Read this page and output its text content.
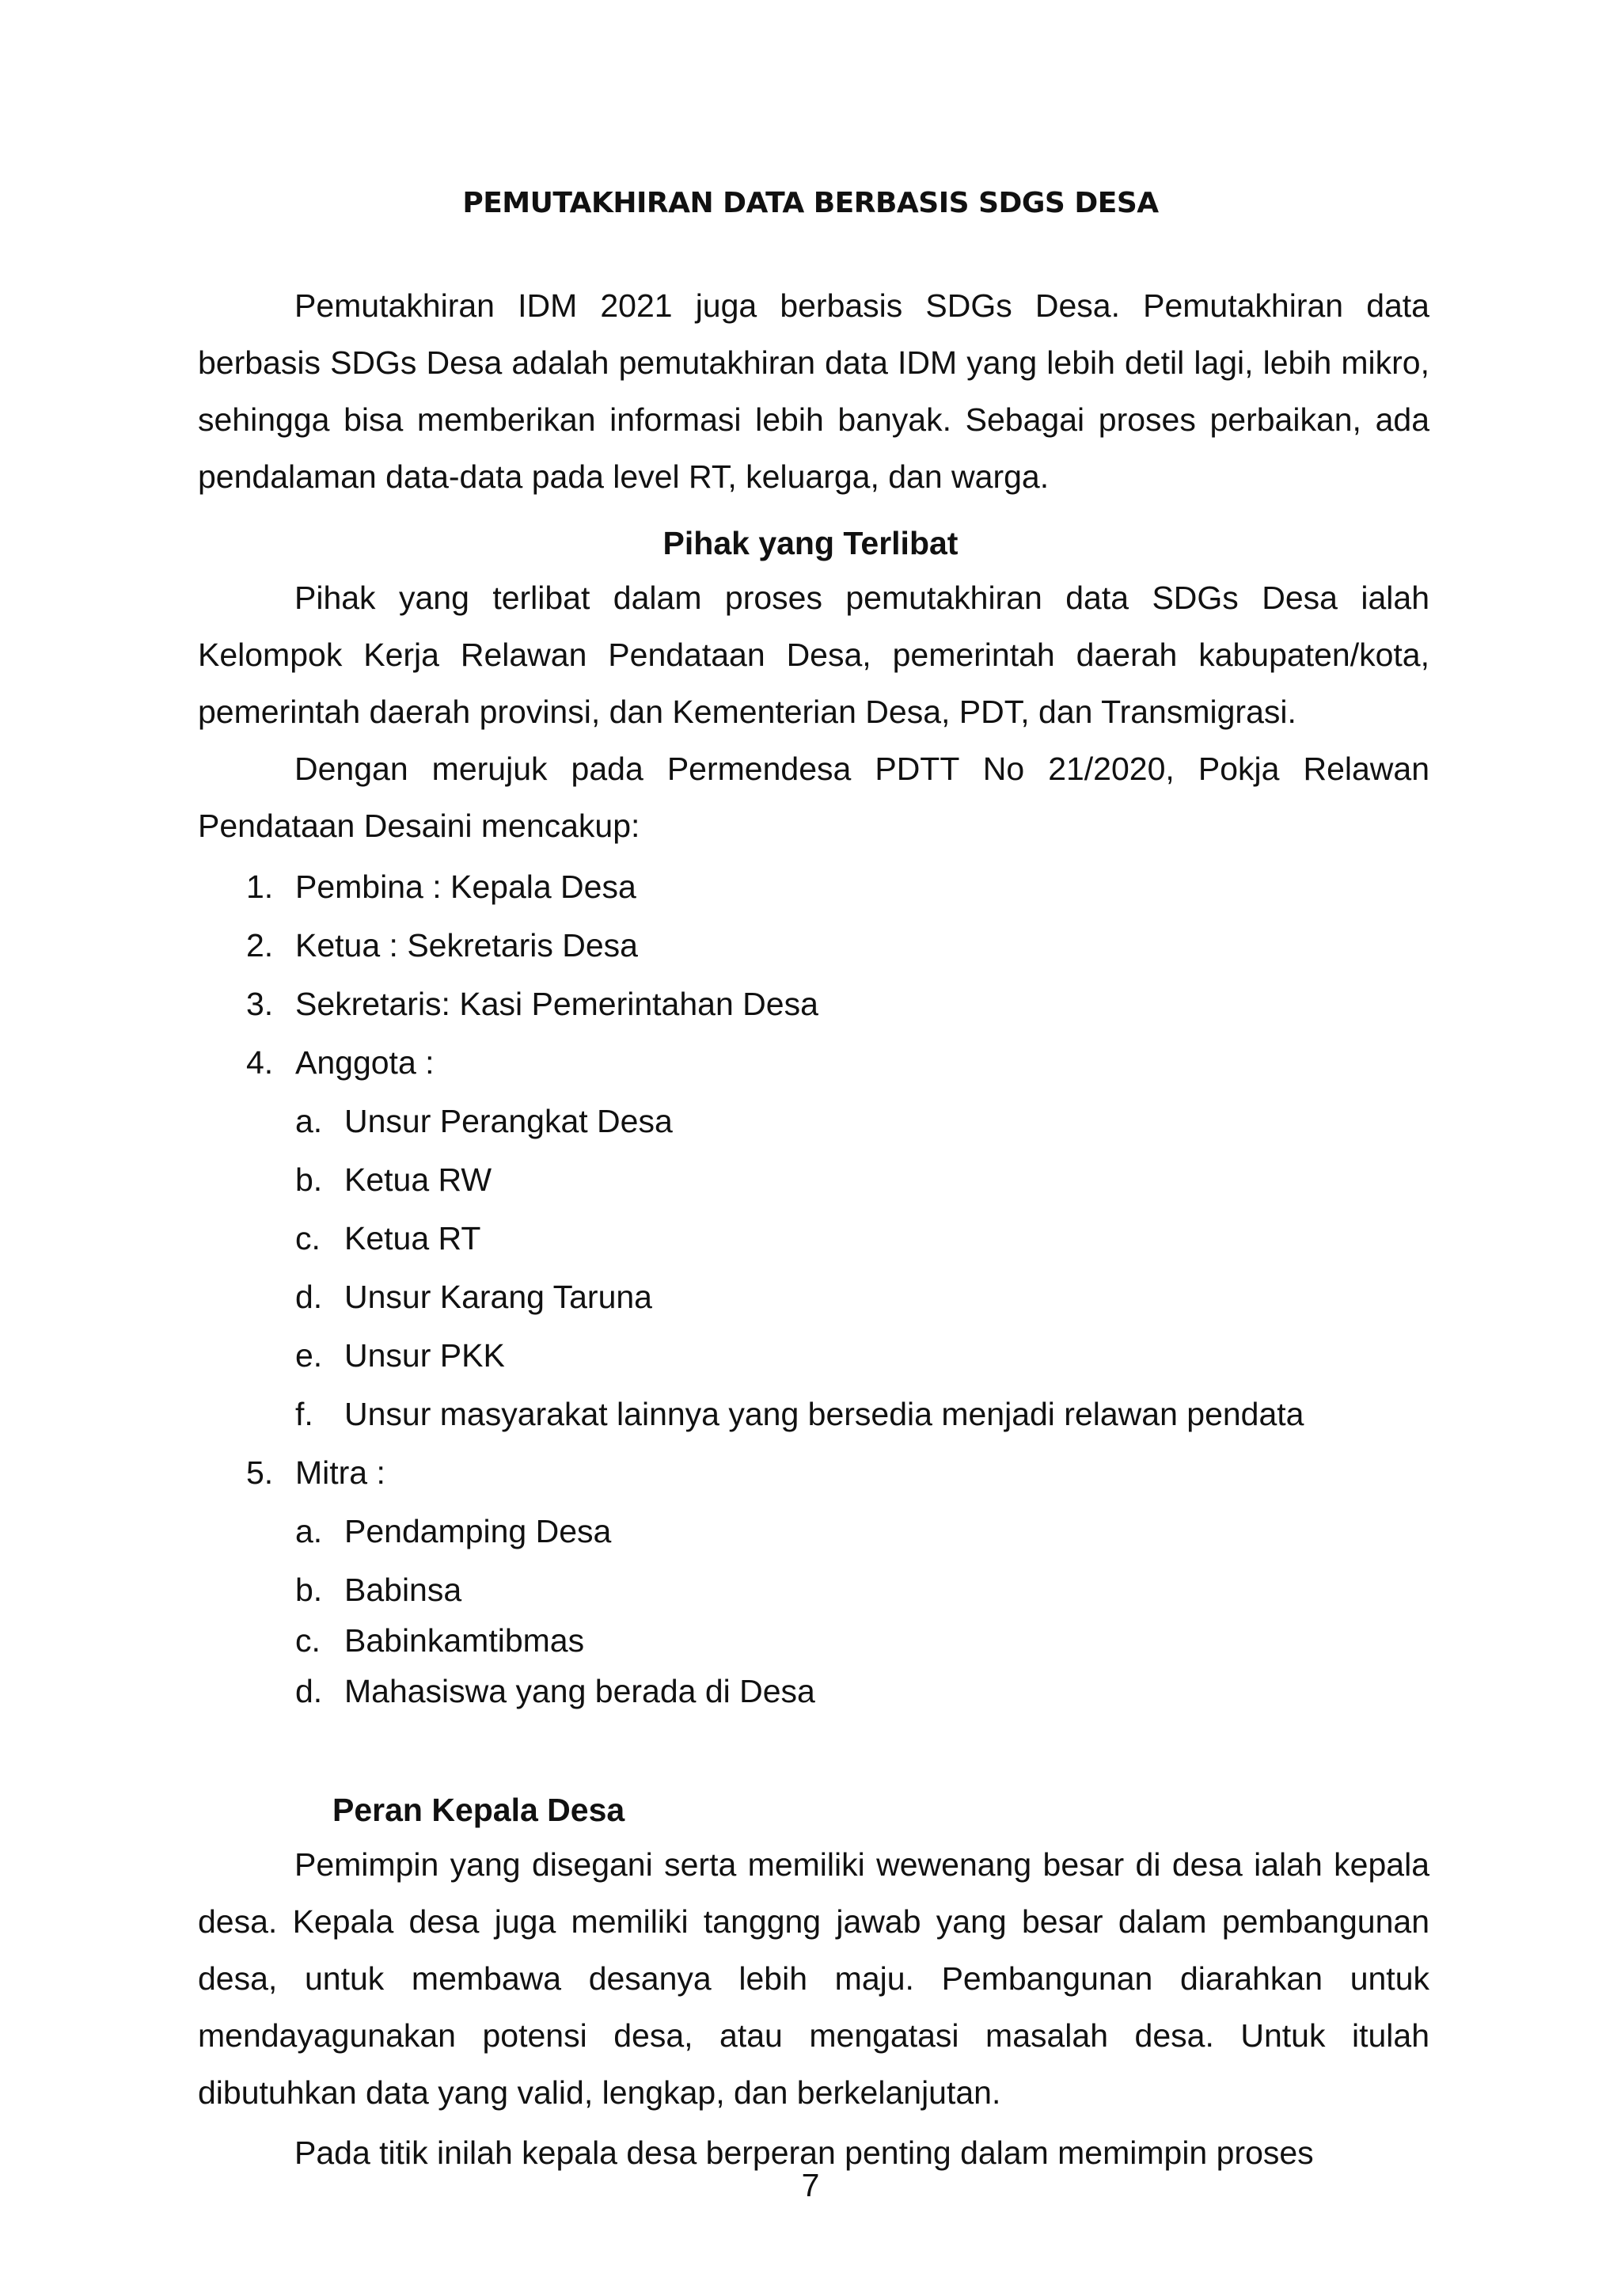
PEMUTAKHIRAN DATA BERBASIS SDGS DESA

Pemutakhiran IDM 2021 juga berbasis SDGs Desa. Pemutakhiran data berbasis SDGs Desa adalah pemutakhiran data IDM yang lebih detil lagi, lebih mikro, sehingga bisa memberikan informasi lebih banyak. Sebagai proses perbaikan, ada pendalaman data-data pada level RT, keluarga, dan warga.

Pihak yang Terlibat

Pihak yang terlibat dalam proses pemutakhiran data SDGs Desa ialah Kelompok Kerja Relawan Pendataan Desa, pemerintah daerah kabupaten/kota, pemerintah daerah provinsi, dan Kementerian Desa, PDT, dan Transmigrasi.

Dengan merujuk pada Permendesa PDTT No 21/2020, Pokja Relawan Pendataan Desaini mencakup:

1. Pembina : Kepala Desa
2. Ketua : Sekretaris Desa
3. Sekretaris: Kasi Pemerintahan Desa
4. Anggota :
a. Unsur Perangkat Desa
b. Ketua RW
c. Ketua RT
d. Unsur Karang Taruna
e. Unsur PKK
f. Unsur masyarakat lainnya yang bersedia menjadi relawan pendata
5. Mitra :
a. Pendamping Desa
b. Babinsa
c. Babinkamtibmas
d. Mahasiswa yang berada di Desa
Peran Kepala Desa

Pemimpin yang disegani serta memiliki wewenang besar di desa ialah kepala desa. Kepala desa juga memiliki tanggng jawab yang besar dalam pembangunan desa, untuk membawa desanya lebih maju. Pembangunan diarahkan untuk mendayagunakan potensi desa, atau mengatasi masalah desa. Untuk itulah dibutuhkan data yang valid, lengkap, dan berkelanjutan.

Pada titik inilah kepala desa berperan penting dalam memimpin proses

7
